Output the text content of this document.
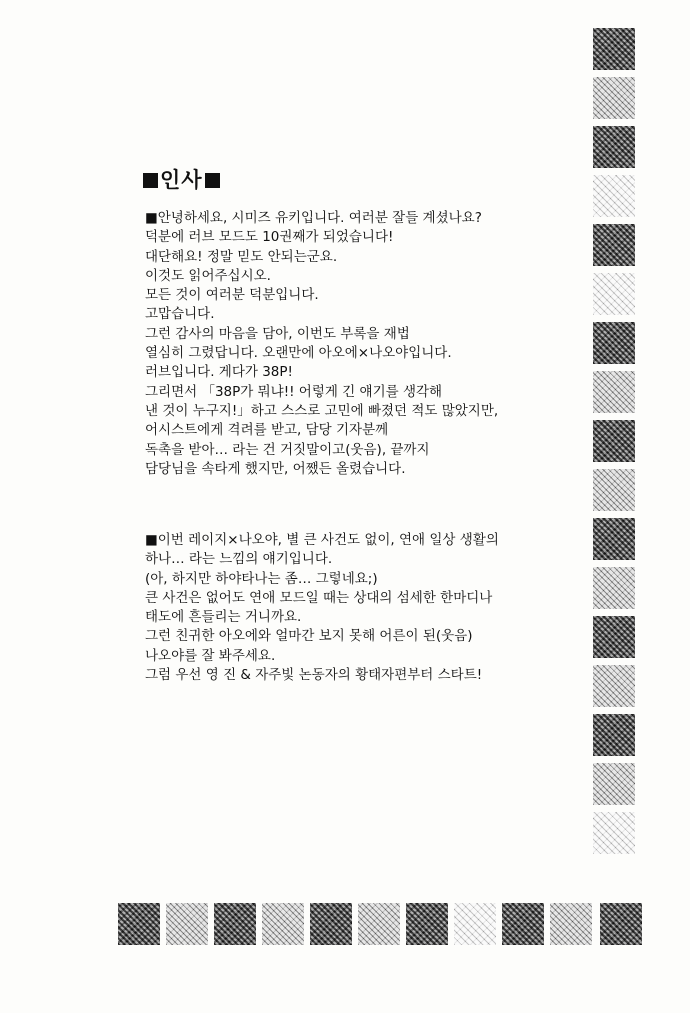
인사

■안녕하세요, 시미즈 유키입니다. 여러분 잘들 계셨나요?
덕분에 러브 모드도 10권째가 되었습니다!
대단해요! 정말 믿도 안되는군요.
이것도 읽어주십시오.
모든 것이 여러분 덕분입니다.
고맙습니다.
그런 감사의 마음을 담아, 이번도 부록을 재법
열심히 그렸답니다. 오랜만에 아오에×나오야입니다.
러브입니다. 게다가 38P!
그리면서 「38P가 뭐냐!! 어렇게 긴 얘기를 생각해
낸 것이 누구지!」하고 스스로 고민에 빠졌던 적도 많았지만,
어시스트에게 격려를 받고, 담당 기자분께
독촉을 받아… 라는 건 거짓말이고(웃음), 끝까지
담당님을 속타게 했지만, 어쨌든 올렸습니다.

■이번 레이지×나오야, 별 큰 사건도 없이, 연애 일상 생활의
하나… 라는 느낌의 얘기입니다.
(아, 하지만 하야타나는 좀… 그렇네요;)
큰 사건은 없어도 연애 모드일 때는 상대의 섬세한 한마디나
태도에 흔들리는 거니까요.
그런 친귀한 아오에와 얼마간 보지 못해 어른이 된(웃음)
나오야를 잘 봐주세요.
그럼 우선 영 진 & 자주빛 논동자의 황태자편부터 스타트!
